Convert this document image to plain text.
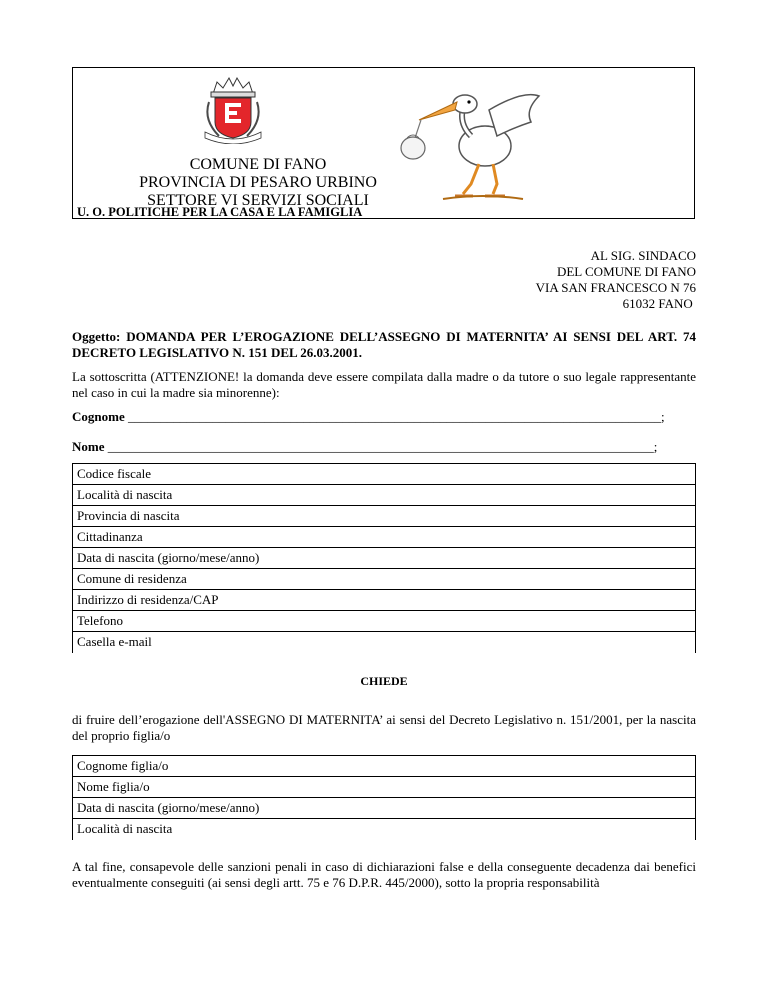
COMUNE DI FANO
PROVINCIA DI PESARO URBINO
SETTORE VI SERVIZI SOCIALI
U. O. POLITICHE PER LA CASA E LA FAMIGLIA
AL SIG. SINDACO
DEL COMUNE DI FANO
VIA SAN FRANCESCO N 76
61032 FANO
Oggetto: DOMANDA PER L’EROGAZIONE DELL’ASSEGNO DI MATERNITA’ AI SENSI DEL ART. 74 DECRETO LEGISLATIVO N. 151 DEL 26.03.2001.
La sottoscritta (ATTENZIONE! la domanda deve essere compilata dalla madre o da tutore o suo legale rappresentante nel caso in cui la madre sia minorenne):
Cognome __________________________________________________________________________________;
Nome ____________________________________________________________________________________;
Codice fiscale
Località di nascita
Provincia di nascita
Cittadinanza
Data di nascita (giorno/mese/anno)
Comune di residenza
Indirizzo di residenza/CAP
Telefono
Casella e-mail
CHIEDE
di fruire dell’erogazione dell'ASSEGNO DI MATERNITA’ ai sensi del Decreto Legislativo n. 151/2001, per la nascita del proprio figlia/o
Cognome figlia/o
Nome figlia/o
Data di nascita (giorno/mese/anno)
Località di nascita
A tal fine, consapevole delle sanzioni penali in caso di dichiarazioni false e della conseguente decadenza dai benefici eventualmente conseguiti (ai sensi degli artt. 75 e 76 D.P.R. 445/2000), sotto la propria responsabilità
